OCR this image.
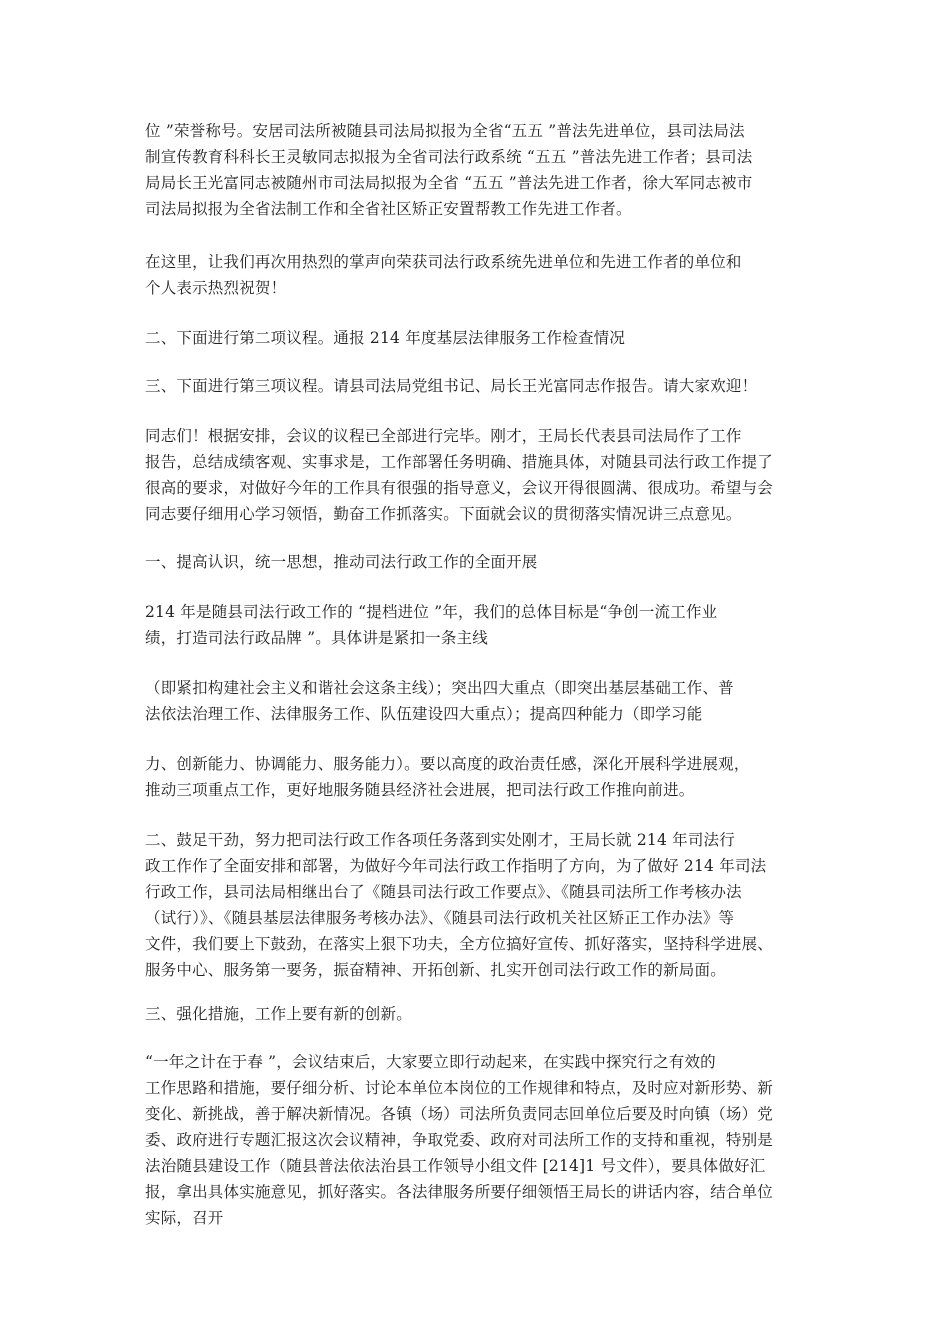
位 ”荣誉称号。安居司法所被随县司法局拟报为全省“五五 ”普法先进单位，县司法局法
制宣传教育科科长王灵敏同志拟报为全省司法行政系统 “五五 ”普法先进工作者；县司法
局局长王光富同志被随州市司法局拟报为全省 “五五 ”普法先进工作者，徐大军同志被市
司法局拟报为全省法制工作和全省社区矫正安置帮教工作先进工作者。

在这里，让我们再次用热烈的掌声向荣获司法行政系统先进单位和先进工作者的单位和
个人表示热烈祝贺！

二、下面进行第二项议程。通报 214 年度基层法律服务工作检查情况

三、下面进行第三项议程。请县司法局党组书记、局长王光富同志作报告。请大家欢迎！

同志们！根据安排，会议的议程已全部进行完毕。刚才，王局长代表县司法局作了工作
报告，总结成绩客观、实事求是，工作部署任务明确、措施具体，对随县司法行政工作提了
很高的要求，对做好今年的工作具有很强的指导意义，会议开得很圆满、很成功。希望与会
同志要仔细用心学习领悟，勤奋工作抓落实。下面就会议的贯彻落实情况讲三点意见。

一、提高认识，统一思想，推动司法行政工作的全面开展

214 年是随县司法行政工作的 “提档进位 ”年，我们的总体目标是“争创一流工作业
绩，打造司法行政品牌 ”。具体讲是紧扣一条主线

（即紧扣构建社会主义和谐社会这条主线）；突出四大重点（即突出基层基础工作、普
法依法治理工作、法律服务工作、队伍建设四大重点）；提高四种能力（即学习能

力、创新能力、协调能力、服务能力）。要以高度的政治责任感，深化开展科学进展观，
推动三项重点工作，更好地服务随县经济社会进展，把司法行政工作推向前进。

二、鼓足干劲，努力把司法行政工作各项任务落到实处刚才，王局长就 214 年司法行
政工作作了全面安排和部署，为做好今年司法行政工作指明了方向，为了做好 214 年司法
行政工作，县司法局相继出台了《随县司法行政工作要点》、《随县司法所工作考核办法
（试行）》、《随县基层法律服务考核办法》、《随县司法行政机关社区矫正工作办法》等
文件，我们要上下鼓劲，在落实上狠下功夫，全方位搞好宣传、抓好落实，坚持科学进展、
服务中心、服务第一要务，振奋精神、开拓创新、扎实开创司法行政工作的新局面。

三、强化措施，工作上要有新的创新。

“一年之计在于春 ”，会议结束后，大家要立即行动起来，在实践中探究行之有效的
工作思路和措施，要仔细分析、讨论本单位本岗位的工作规律和特点，及时应对新形势、新
变化、新挑战，善于解决新情况。各镇（场）司法所负责同志回单位后要及时向镇（场）党
委、政府进行专题汇报这次会议精神，争取党委、政府对司法所工作的支持和重视，特别是
法治随县建设工作（随县普法依法治县工作领导小组文件 [214]1 号文件），要具体做好汇
报，拿出具体实施意见，抓好落实。各法律服务所要仔细领悟王局长的讲话内容，结合单位
实际，召开
